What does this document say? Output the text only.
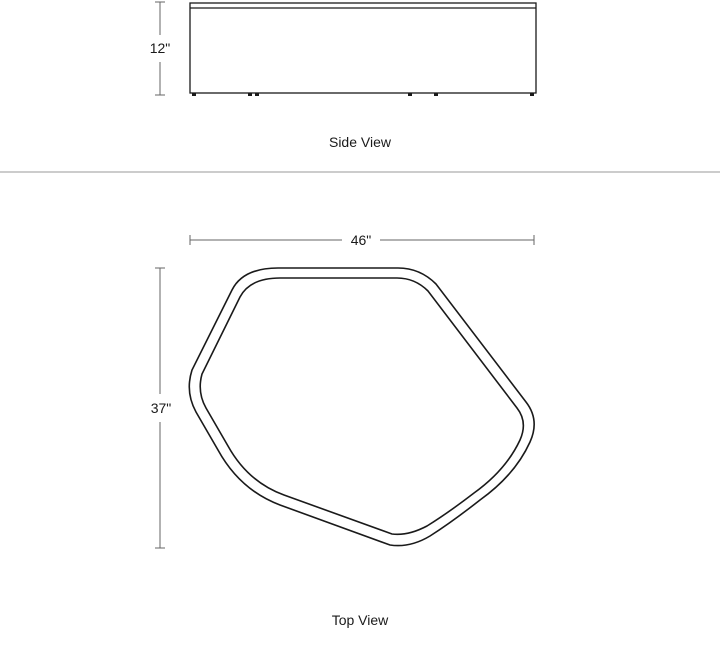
12"
Side View
46"
37"
Top View
